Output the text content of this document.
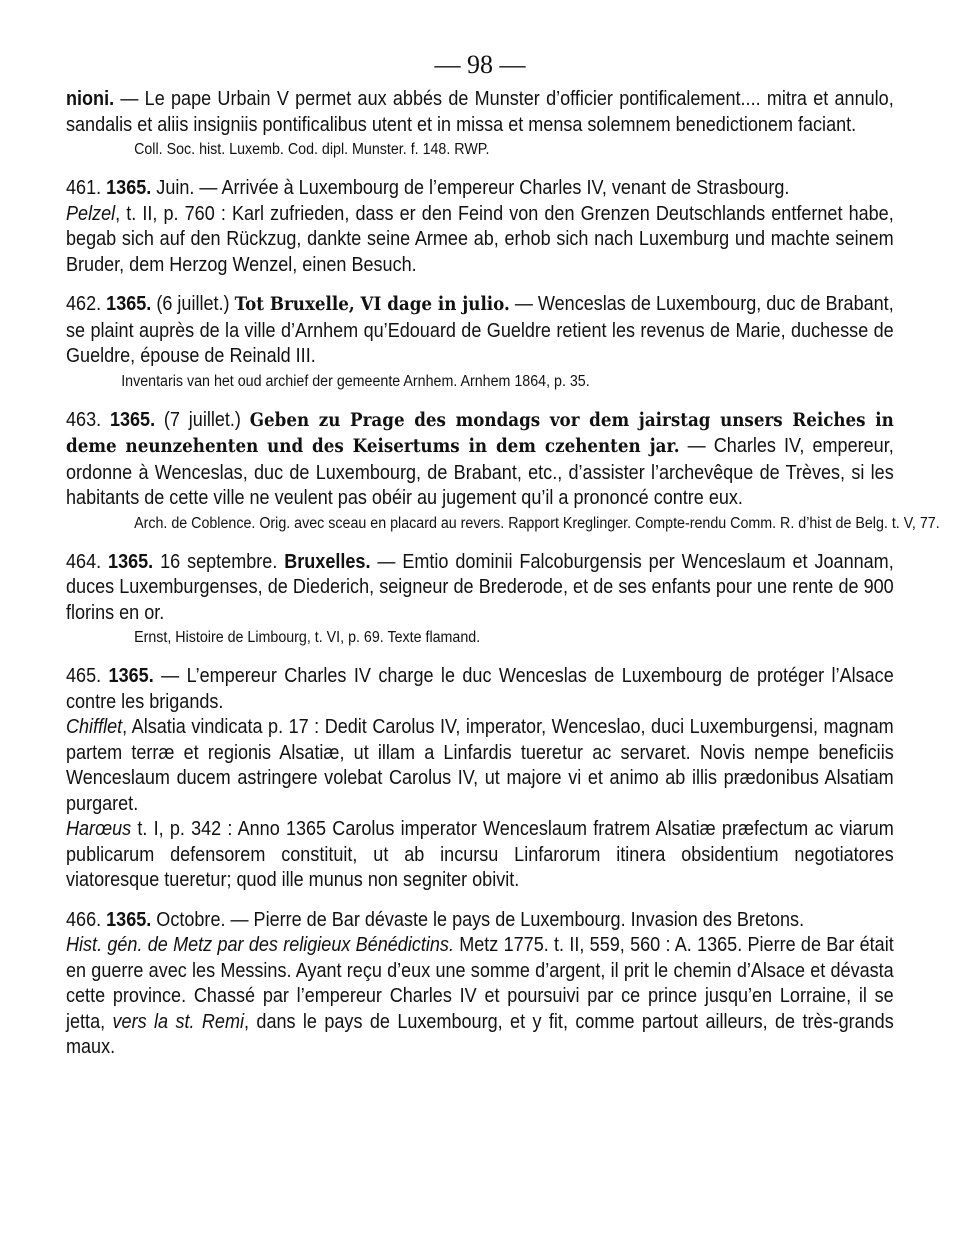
— 98 —

nioni. — Le pape Urbain V permet aux abbés de Munster d’officier pontificalement.... mitra et annulo, sandalis et aliis insigniis pontificalibus utent et in missa et mensa solemnem benedictionem faciant.

Coll. Soc. hist. Luxemb. Cod. dipl. Munster. f. 148. RWP.

461. 1365. Juin. — Arrivée à Luxembourg de l’empereur Charles IV, venant de Strasbourg.

Pelzel, t. II, p. 760 : Karl zufrieden, dass er den Feind von den Grenzen Deutschlands entfernet habe, begab sich auf den Rückzug, dankte seine Armee ab, erhob sich nach Luxemburg und machte seinem Bruder, dem Herzog Wenzel, einen Besuch.

462. 1365. (6 juillet.) Tot Bruxelle, VI dage in julio. — Wenceslas de Luxembourg, duc de Brabant, se plaint auprès de la ville d’Arnhem qu’Edouard de Gueldre retient les revenus de Marie, duchesse de Gueldre, épouse de Reinald III.

Inventaris van het oud archief der gemeente Arnhem. Arnhem 1864, p. 35.

463. 1365. (7 juillet.) Geben zu Prage des mondags vor dem jairstag unsers Reiches in deme neunzehenten und des Keisertums in dem czehenten jar. — Charles IV, empereur, ordonne à Wenceslas, duc de Luxembourg, de Brabant, etc., d’assister l’archevêque de Trèves, si les habitants de cette ville ne veulent pas obéir au jugement qu’il a prononcé contre eux.

Arch. de Coblence. Orig. avec sceau en placard au revers. Rapport Kreglinger. Compte-rendu Comm. R. d’hist de Belg. t. V, 77.

464. 1365. 16 septembre. Bruxelles. — Emtio dominii Falcoburgensis per Wenceslaum et Joannam, duces Luxemburgenses, de Diederich, seigneur de Brederode, et de ses enfants pour une rente de 900 florins en or.

Ernst, Histoire de Limbourg, t. VI, p. 69. Texte flamand.

465. 1365. — L’empereur Charles IV charge le duc Wenceslas de Luxembourg de protéger l’Alsace contre les brigands.

Chifflet, Alsatia vindicata p. 17 : Dedit Carolus IV, imperator, Wenceslao, duci Luxemburgensi, magnam partem terræ et regionis Alsatiæ, ut illam a Linfardis tueretur ac servaret. Novis nempe beneficiis Wenceslaum ducem astringere volebat Carolus IV, ut majore vi et animo ab illis prædonibus Alsatiam purgaret.

Harœus t. I, p. 342 : Anno 1365 Carolus imperator Wenceslaum fratrem Alsatiæ præfectum ac viarum publicarum defensorem constituit, ut ab incursu Linfarorum itinera obsidentium negotiatores viatoresque tueretur; quod ille munus non segniter obivit.

466. 1365. Octobre. — Pierre de Bar dévaste le pays de Luxembourg. Invasion des Bretons.

Hist. gén. de Metz par des religieux Bénédictins. Metz 1775. t. II, 559, 560 : A. 1365. Pierre de Bar était en guerre avec les Messins. Ayant reçu d’eux une somme d’argent, il prit le chemin d’Alsace et dévasta cette province. Chassé par l’empereur Charles IV et poursuivi par ce prince jusqu’en Lorraine, il se jetta, vers la st. Remi, dans le pays de Luxembourg, et y fit, comme partout ailleurs, de très-grands maux.
